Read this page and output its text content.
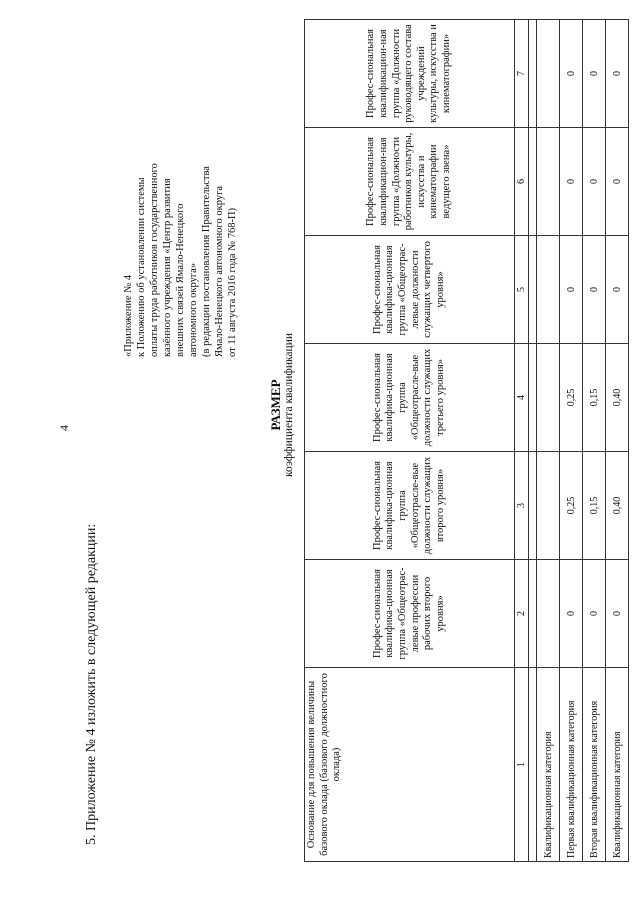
4
5. Приложение № 4 изложить в следующей редакции:
«Приложение № 4 к Положению об установлении системы оплаты труда работников государственного казённого учреждения «Центр развития внешних связей Ямало-Ненецкого автономного округа» (в редакции постановления Правительства Ямало-Ненецкого автономного округа от 11 августа 2016 года № 768-П)
РАЗМЕР коэффициента квалификации
Основание для повышения величины базового оклада (базового должностного оклада)	Профес-сиональная квалифика-ционная группа «Общеотрас-левые профессии рабочих второго уровня»	Профес-сиональная квалифика-ционная группа «Общеотрасле-вые должности служащих второго уровня»	Профес-сиональная квалифика-ционная группа «Общеотрасле-вые должности служащих третьего уровня»	Профес-сиональная квалифика-ционная группа «Общеотрас-левые должности служащих четвертого уровня»	Профес-сиональная квалификацион-ная группа «Должности работников культуры, искусства и кинематографии ведущего звена»	Профес-сиональная квалификацион-ная группа «Должности руководящего состава учреждений культуры, искусства и кинематографии»
1	2	3	4	5	6	7

Квалификационная категория						
Первая квалификационная категория	0	0,25	0,25	0	0	0
Вторая квалификационная категория	0	0,15	0,15	0	0	0
Квалификационная категория	0	0,40	0,40	0	0	0
